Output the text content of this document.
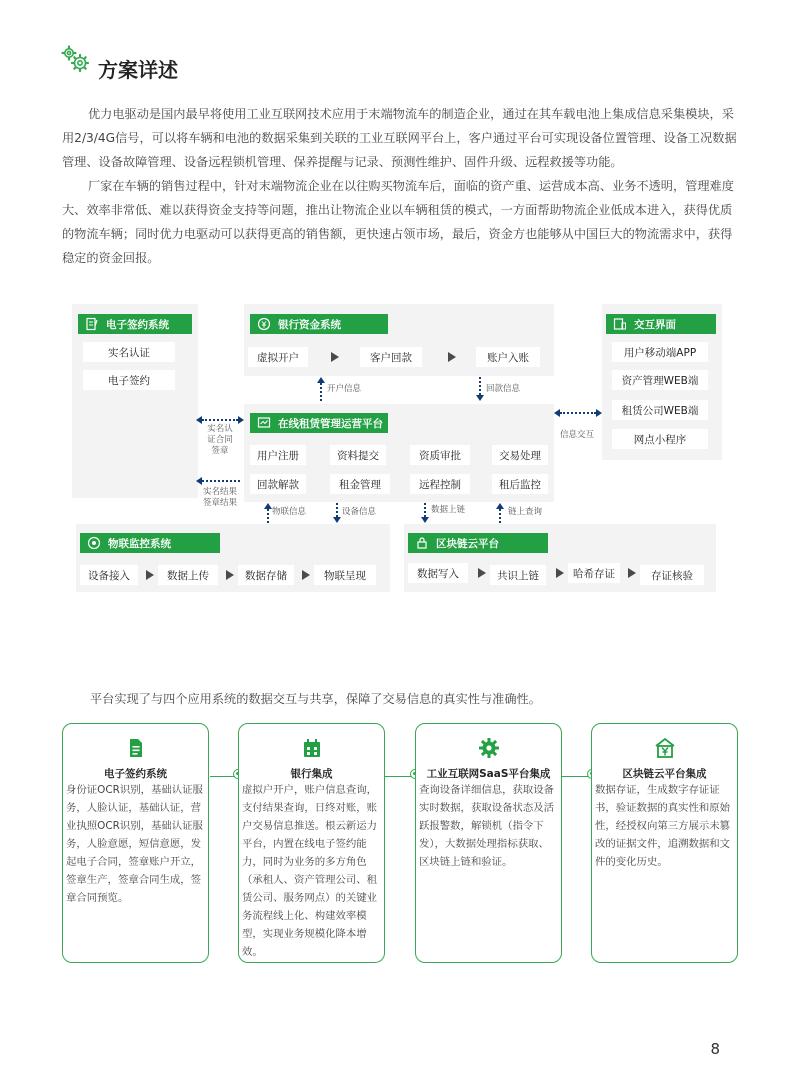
方案详述

优力电驱动是国内最早将使用工业互联网技术应用于末端物流车的制造企业，通过在其车载电池上集成信息采集模块，采用2/3/4G信号，可以将车辆和电池的数据采集到关联的工业互联网平台上，客户通过平台可实现设备位置管理、设备工况数据管理、设备故障管理、设备远程锁机管理、保养提醒与记录、预测性维护、固件升级、远程救援等功能。

厂家在车辆的销售过程中，针对末端物流企业在以往购买物流车后，面临的资产重、运营成本高、业务不透明，管理难度大、效率非常低、难以获得资金支持等问题，推出让物流企业以车辆租赁的模式，一方面帮助物流企业低成本进入，获得优质的物流车辆；同时优力电驱动可以获得更高的销售额，更快速占领市场，最后，资金方也能够从中国巨大的物流需求中，获得稳定的资金回报。

电子签约系统
实名认证
电子签约
银行资金系统
虚拟开户	客户回款	账户入账
交互界面
用户移动端APP
资产管理WEB端
租赁公司WEB端
网点小程序
在线租赁管理运营平台
用户注册	资料提交	资质审批	交易处理
回款解款	租金管理	远程控制	租后监控
物联监控系统
设备接入	数据上传	数据存储	物联呈现
区块链云平台
数据写入	共识上链	哈希存证	存证核验
开户信息	回款信息
实名认
证合同
签章
实名结果
签章结果
信息交互
物联信息	设备信息	数据上链	链上查询

平台实现了与四个应用系统的数据交互与共享，保障了交易信息的真实性与准确性。

电子签约系统

身份证OCR识别，基础认证服务，人脸认证，基础认证，营业执照OCR识别，基础认证服务，人脸意愿，短信意愿，发起电子合同，签章账户开立，签章生产，签章合同生成，签章合同预览。

银行集成

虚拟户开户，账户信息查询，支付结果查询，日终对账，账户交易信息推送。根云新运力平台，内置在线电子签约能力，同时为业务的多方角色（承租人、资产管理公司、租赁公司、服务网点）的关键业务流程线上化、构建效率模型，实现业务规模化降本增效。

工业互联网SaaS平台集成

查询设备详细信息，获取设备实时数据，获取设备状态及活跃报警数，解锁机（指令下发），大数据处理指标获取、区块链上链和验证。

区块链云平台集成

数据存证，生成数字存证证书，验证数据的真实性和原始性，经授权向第三方展示未篡改的证据文件，追溯数据和文件的变化历史。

8
